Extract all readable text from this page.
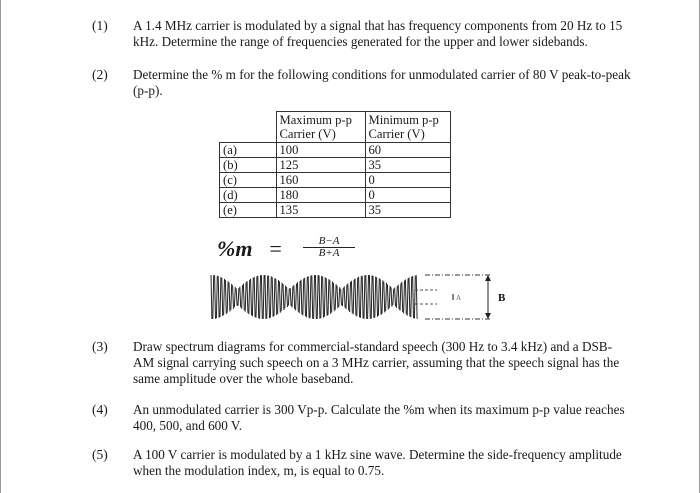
(1) A 1.4 MHz carrier is modulated by a signal that has frequency components from 20 Hz to 15 kHz. Determine the range of frequencies generated for the upper and lower sidebands.
(2) Determine the % m for the following conditions for unmodulated carrier of 80 V peak-to-peak (p-p).
	Maximum p-p Carrier (V)	Minimum p-p Carrier (V)
(a)	100	60
(b)	125	35
(c)	160	0
(d)	180	0
(e)	135	35
$\%m = \frac{B-A}{B+A}$
A	B
(3) Draw spectrum diagrams for commercial-standard speech (300 Hz to 3.4 kHz) and a DSB-AM signal carrying such speech on a 3 MHz carrier, assuming that the speech signal has the same amplitude over the whole baseband.
(4) An unmodulated carrier is 300 Vp-p. Calculate the %m when its maximum p-p value reaches 400, 500, and 600 V.
(5) A 100 V carrier is modulated by a 1 kHz sine wave. Determine the side-frequency amplitude when the modulation index, m, is equal to 0.75.
